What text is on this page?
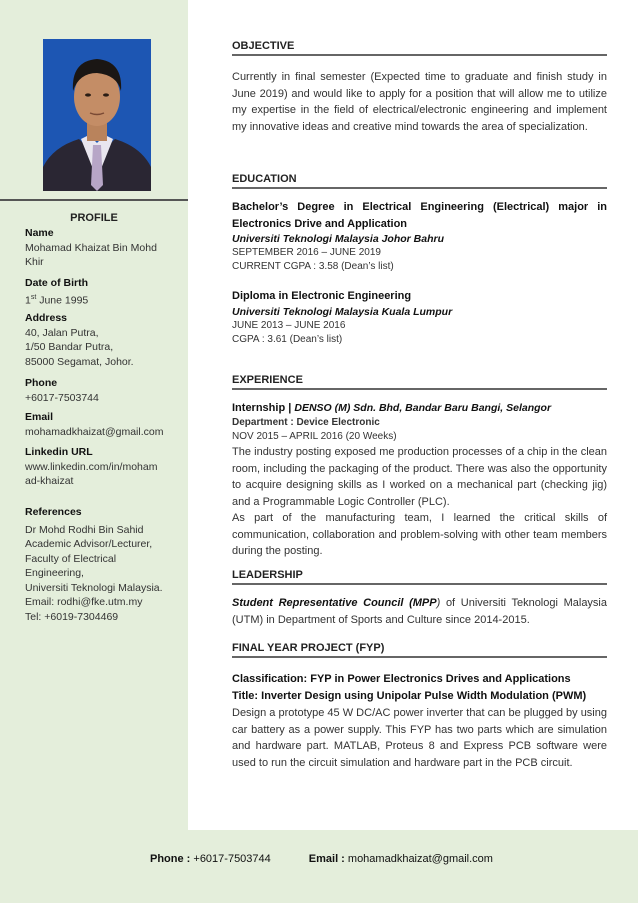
PROFILE
Name
Mohamad Khaizat Bin Mohd
Khir
Date of Birth
1st June 1995
Address
40, Jalan Putra,
1/50 Bandar Putra,
85000 Segamat, Johor.
Phone
+6017-7503744
Email
mohamadkhaizat@gmail.com
Linkedin URL
www.linkedin.com/in/moham
ad-khaizat
References
Dr Mohd Rodhi Bin Sahid
Academic Advisor/Lecturer,
Faculty of Electrical
Engineering,
Universiti Teknologi Malaysia.
Email: rodhi@fke.utm.my
Tel: +6019-7304469
OBJECTIVE
Currently in final semester (Expected time to graduate and finish study in June 2019) and would like to apply for a position that will allow me to utilize my expertise in the field of electrical/electronic engineering and implement my innovative ideas and creative mind towards the area of specialization.
EDUCATION
Bachelor’s Degree in Electrical Engineering (Electrical) major in Electronics Drive and Application
Universiti Teknologi Malaysia Johor Bahru
SEPTEMBER 2016 – JUNE 2019
CURRENT CGPA : 3.58 (Dean’s list)
Diploma in Electronic Engineering
Universiti Teknologi Malaysia Kuala Lumpur
JUNE 2013 – JUNE 2016
CGPA : 3.61 (Dean’s list)
EXPERIENCE
Internship | DENSO (M) Sdn. Bhd, Bandar Baru Bangi, Selangor
Department : Device Electronic
NOV 2015 – APRIL 2016 (20 Weeks)
The industry posting exposed me production processes of a chip in the clean room, including the packaging of the product. There was also the opportunity to acquire designing skills as I worked on a mechanical part (checking jig) and a Programmable Logic Controller (PLC).
As part of the manufacturing team, I learned the critical skills of communication, collaboration and problem-solving with other team members during the posting.
LEADERSHIP
Student Representative Council (MPP) of Universiti Teknologi Malaysia (UTM) in Department of Sports and Culture since 2014-2015.
FINAL YEAR PROJECT (FYP)
Classification: FYP in Power Electronics Drives and Applications
Title: Inverter Design using Unipolar Pulse Width Modulation (PWM)
Design a prototype 45 W DC/AC power inverter that can be plugged by using car battery as a power supply. This FYP has two parts which are simulation and hardware part. MATLAB, Proteus 8 and Express PCB software were used to run the circuit simulation and hardware part in the PCB circuit.
Phone : +6017-7503744	Email : mohamadkhaizat@gmail.com
